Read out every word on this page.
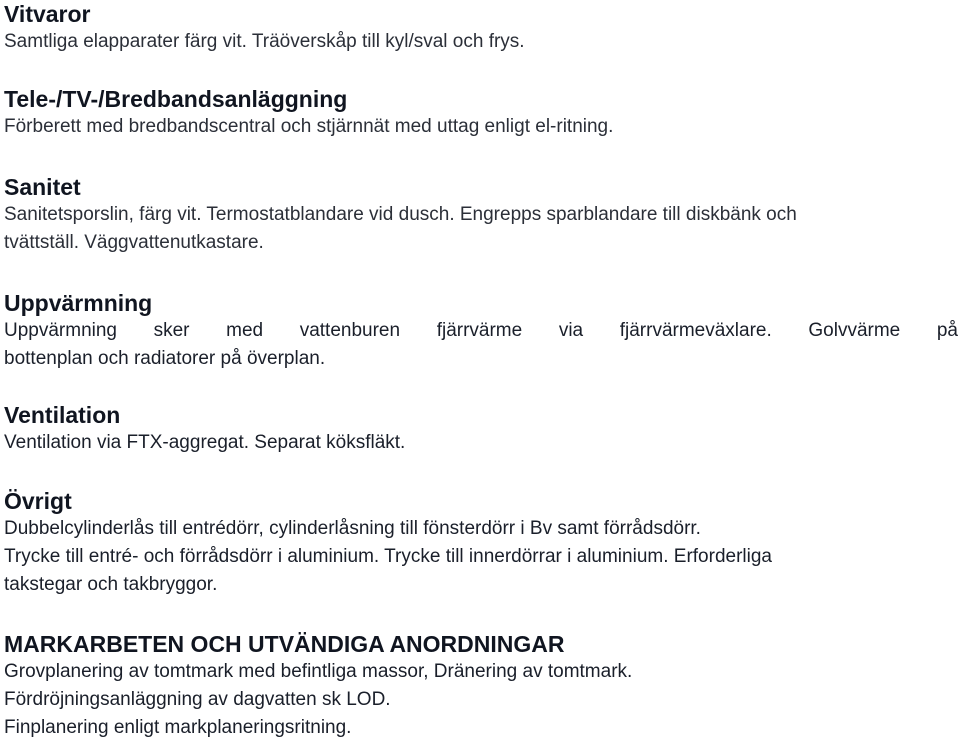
Vitvaror
Samtliga elapparater färg vit. Träöverskåp till kyl/sval och frys.
Tele-/TV-/Bredbandsanläggning
Förberett med bredbandscentral och stjärnnät med uttag enligt el-ritning.
Sanitet
Sanitetsporslin, färg vit. Termostatblandare vid dusch. Engrepps sparblandare till diskbänk och
tvättställ. Väggvattenutkastare.
Uppvärmning
Uppvärmning sker med vattenburen fjärrvärme via fjärrvärmeväxlare. Golvvärme på
bottenplan och radiatorer på överplan.
Ventilation
Ventilation via FTX-aggregat. Separat köksfläkt.
Övrigt
Dubbelcylinderlås till entrédörr, cylinderlåsning till fönsterdörr i Bv samt förrådsdörr.
Trycke till entré- och förrådsdörr i aluminium. Trycke till innerdörrar i aluminium. Erforderliga
takstegar och takbryggor.
MARKARBETEN OCH UTVÄNDIGA ANORDNINGAR
Grovplanering av tomtmark med befintliga massor, Dränering av tomtmark.
Fördröjningsanläggning av dagvatten sk LOD.
Finplanering enligt markplaneringsritning.
